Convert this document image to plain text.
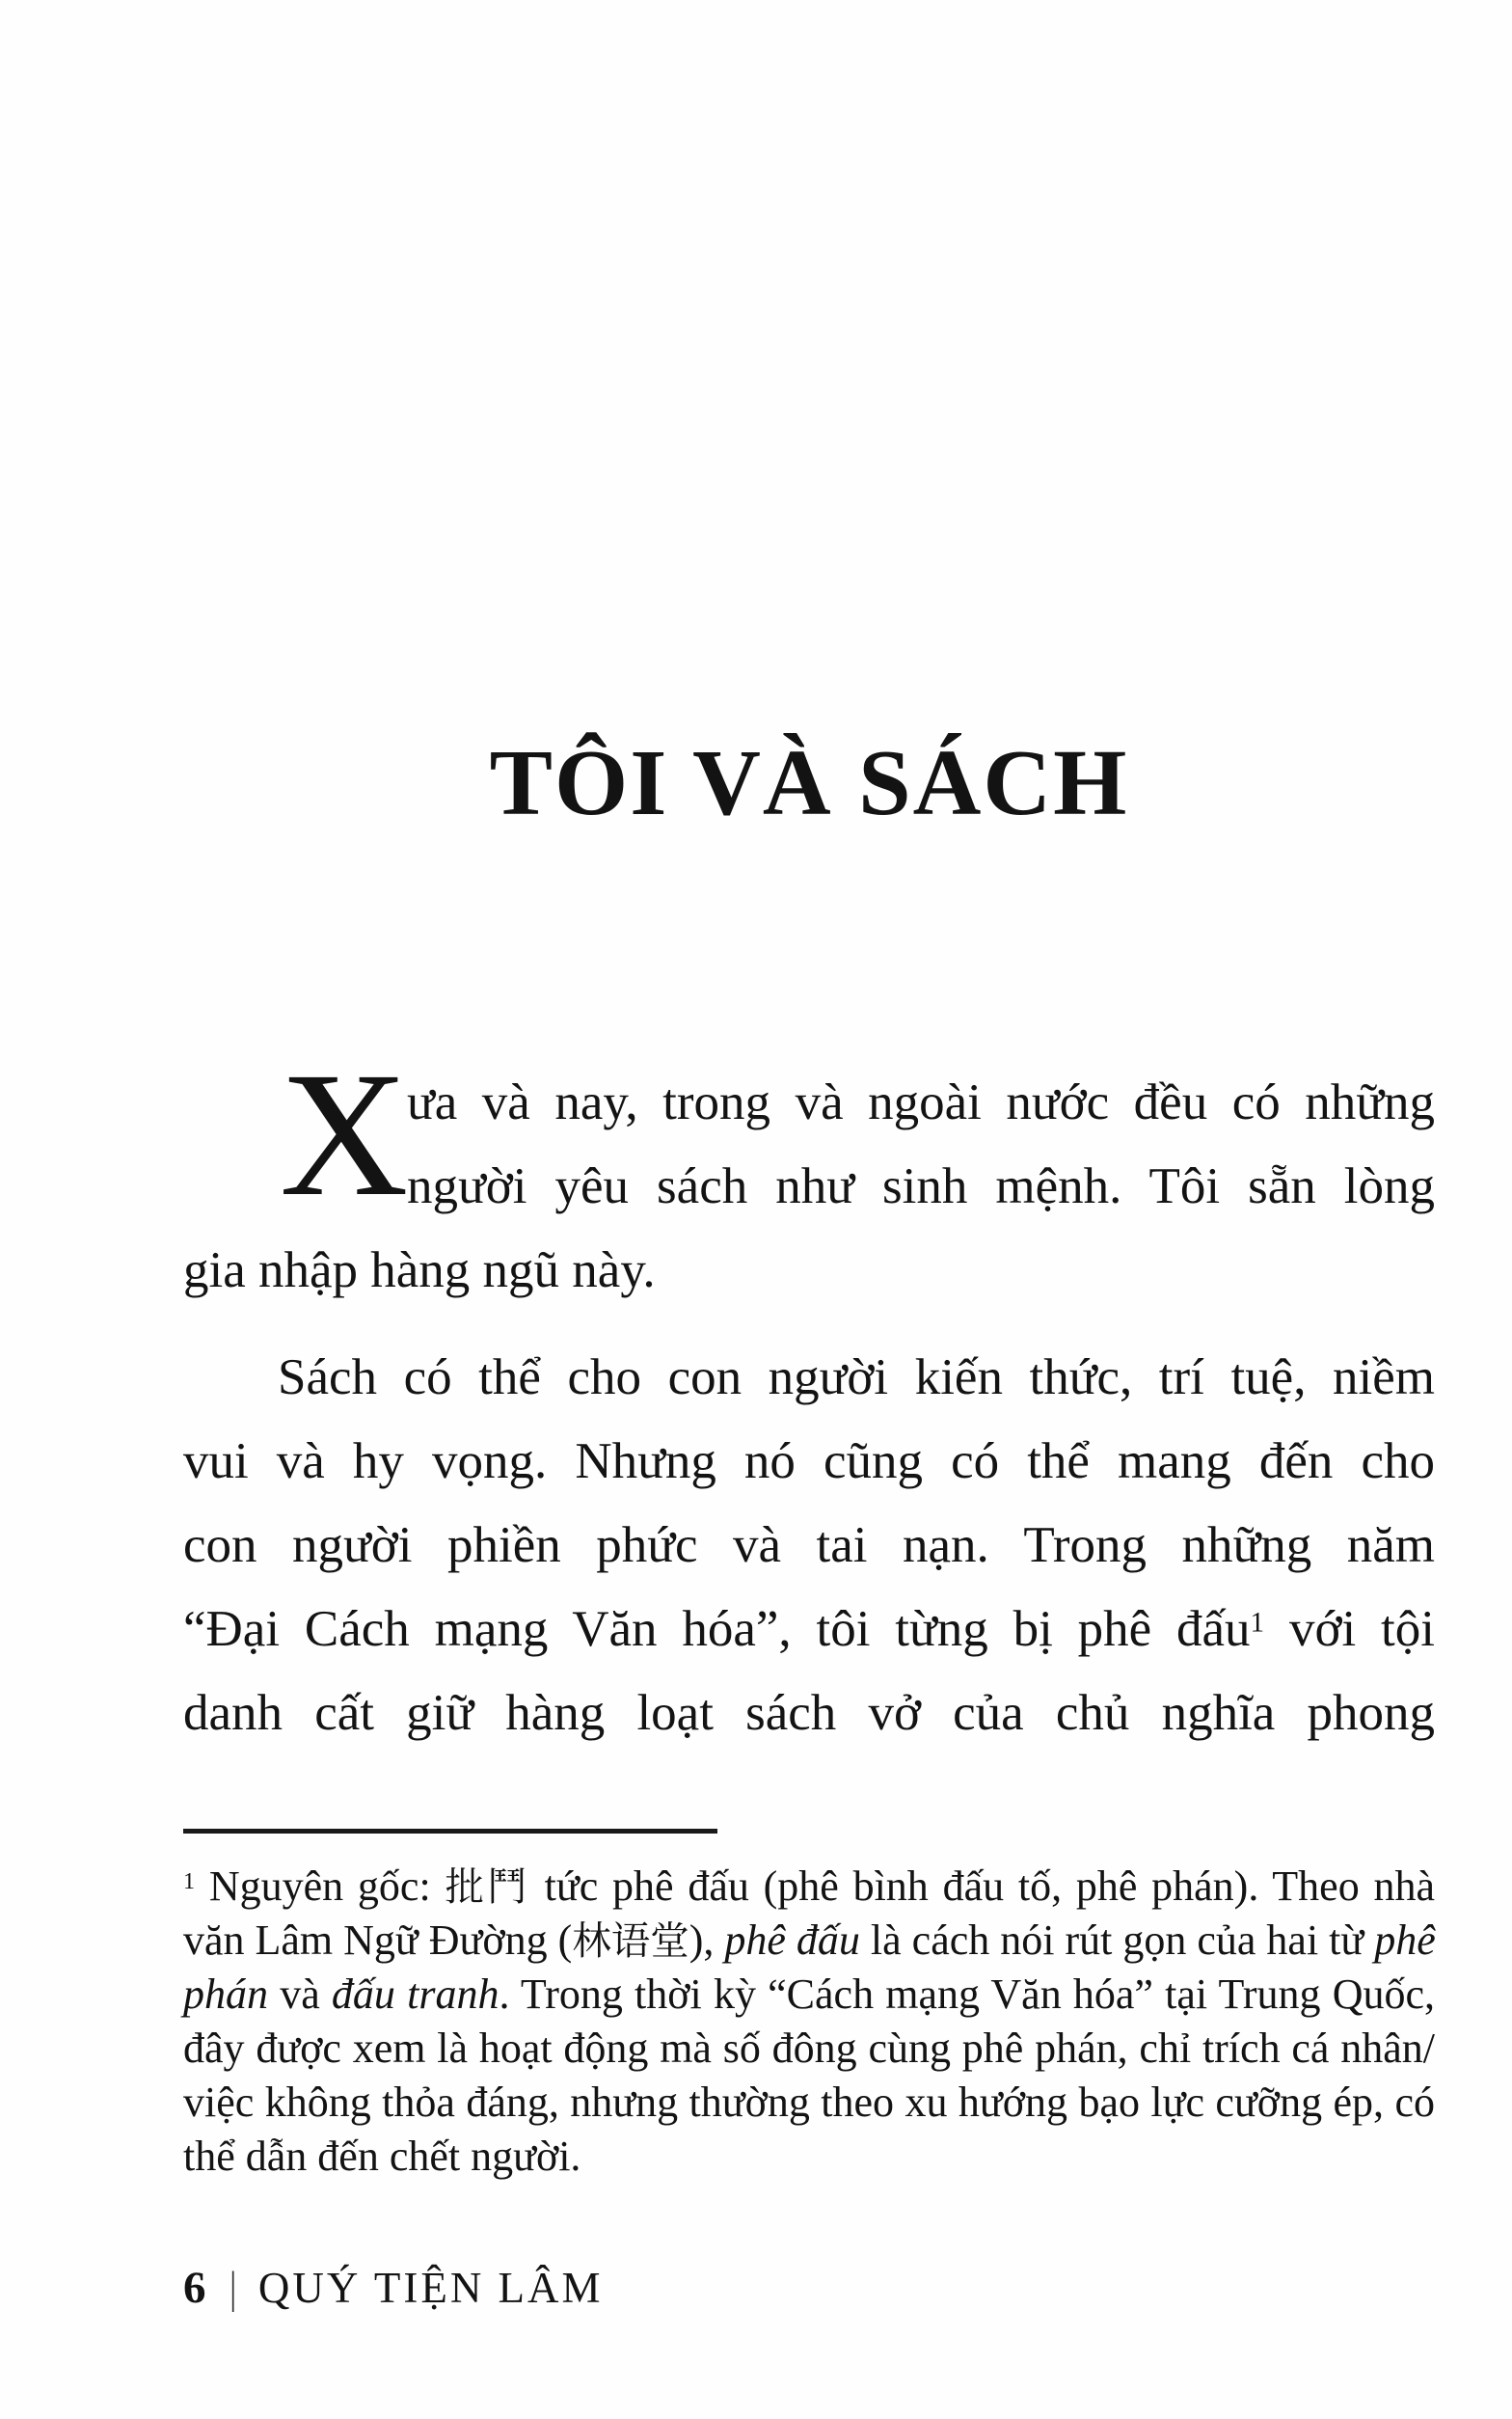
TÔI VÀ SÁCH
X
ưa và nay, trong và ngoài nước đều có những
người yêu sách như sinh mệnh. Tôi sẵn lòng
gia nhập hàng ngũ này.
Sách có thể cho con người kiến thức, trí tuệ, niềm
vui và hy vọng. Nhưng nó cũng có thể mang đến cho
con người phiền phức và tai nạn. Trong những năm
“Đại Cách mạng Văn hóa”, tôi từng bị phê đấu$^1$ với tội
danh cất giữ hàng loạt sách vở của chủ nghĩa phong
$^1$ Nguyên gốc: 批鬥 tức phê đấu (phê bình đấu tố, phê phán). Theo nhà
văn Lâm Ngữ Đường (林语堂), phê đấu là cách nói rút gọn của hai từ phê
phán và đấu tranh. Trong thời kỳ “Cách mạng Văn hóa” tại Trung Quốc,
đây được xem là hoạt động mà số đông cùng phê phán, chỉ trích cá nhân/
việc không thỏa đáng, nhưng thường theo xu hướng bạo lực cưỡng ép, có
thể dẫn đến chết người.
6 | QUÝ TIỆN LÂM
